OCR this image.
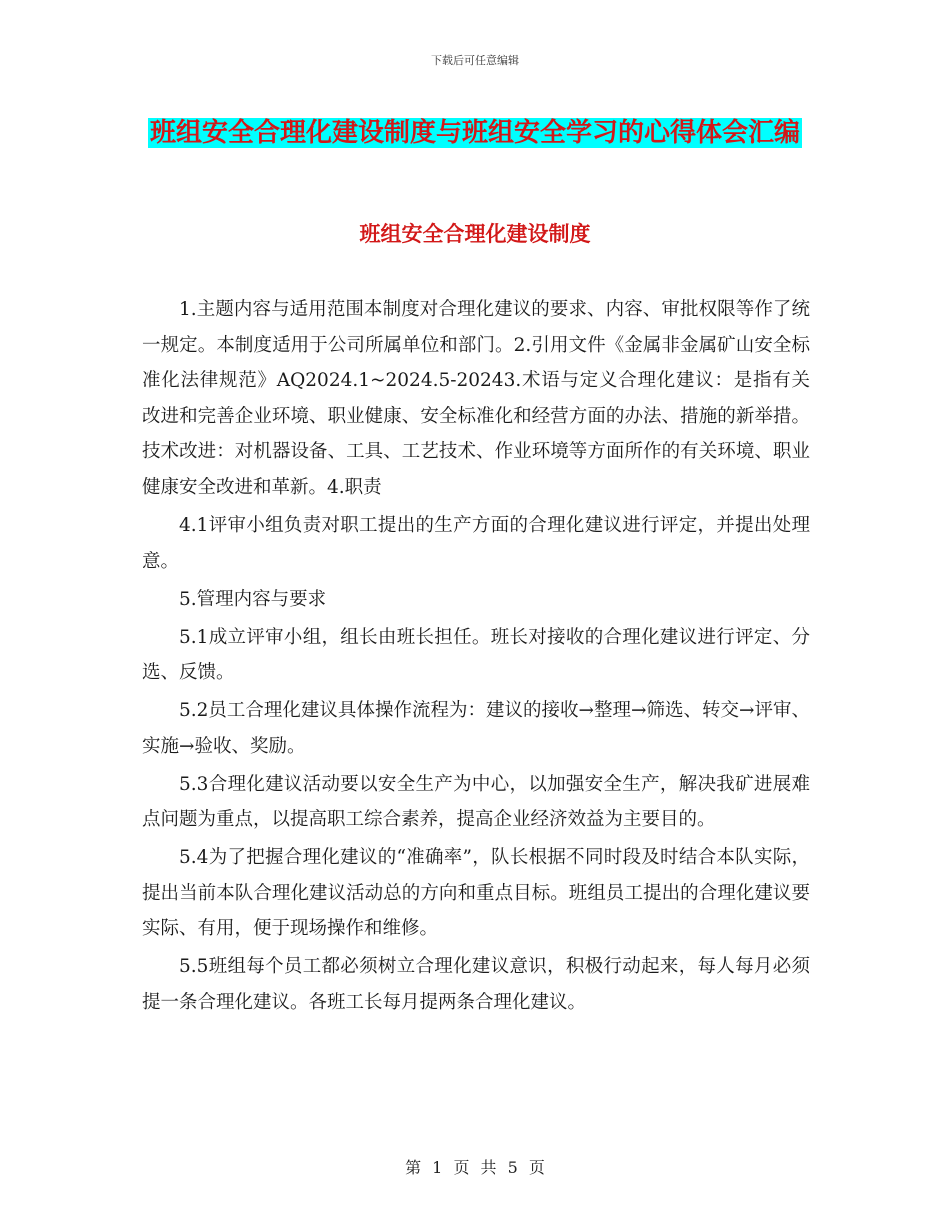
下载后可任意编辑
班组安全合理化建设制度与班组安全学习的心得体会汇编
班组安全合理化建设制度

1.主题内容与适用范围本制度对合理化建议的要求、内容、审批权限等作了统一规定。本制度适用于公司所属单位和部门。2.引用文件《金属非金属矿山安全标准化法律规范》AQ2024.1~2024.5-20243.术语与定义合理化建议：是指有关改进和完善企业环境、职业健康、安全标准化和经营方面的办法、措施的新举措。技术改进：对机器设备、工具、工艺技术、作业环境等方面所作的有关环境、职业健康安全改进和革新。4.职责

4.1评审小组负责对职工提出的生产方面的合理化建议进行评定，并提出处理意。

5.管理内容与要求

5.1成立评审小组，组长由班长担任。班长对接收的合理化建议进行评定、分选、反馈。

5.2员工合理化建议具体操作流程为：建议的接收→整理→筛选、转交→评审、实施→验收、奖励。

5.3合理化建议活动要以安全生产为中心，以加强安全生产，解决我矿进展难点问题为重点，以提高职工综合素养，提高企业经济效益为主要目的。

5.4为了把握合理化建议的“准确率”，队长根据不同时段及时结合本队实际，提出当前本队合理化建议活动总的方向和重点目标。班组员工提出的合理化建议要实际、有用，便于现场操作和维修。

5.5班组每个员工都必须树立合理化建议意识，积极行动起来，每人每月必须提一条合理化建议。各班工长每月提两条合理化建议。

第 1 页 共 5 页
